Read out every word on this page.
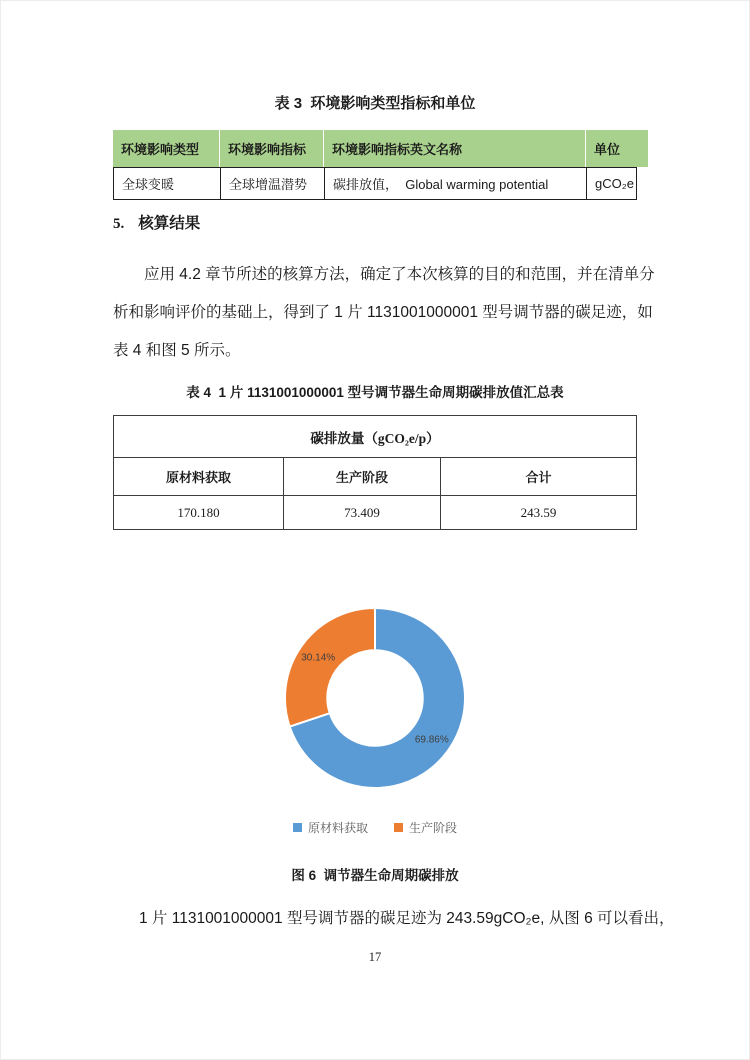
表 3  环境影响类型指标和单位
环境影响类型	环境影响指标	环境影响指标英文名称	单位
全球变暖	全球增温潜势	碳排放值，  Global warming potential	gCO₂e
5. 核算结果
应用 4.2 章节所述的核算方法，确定了本次核算的目的和范围，并在清单分
析和影响评价的基础上，得到了 1 片 1131001000001 型号调节器的碳足迹，如
表 4 和图 5 所示。
表 4  1 片 1131001000001 型号调节器生命周期碳排放值汇总表
碳排放量 （gCO₂e/p）
原材料获取	生产阶段	合计
170.180	73.409	243.59
69.86%
30.14%
原材料获取	生产阶段
图 6  调节器生命周期碳排放
1 片 1131001000001 型号调节器的碳足迹为 243.59gCO₂e, 从图 6 可以看出，
17
